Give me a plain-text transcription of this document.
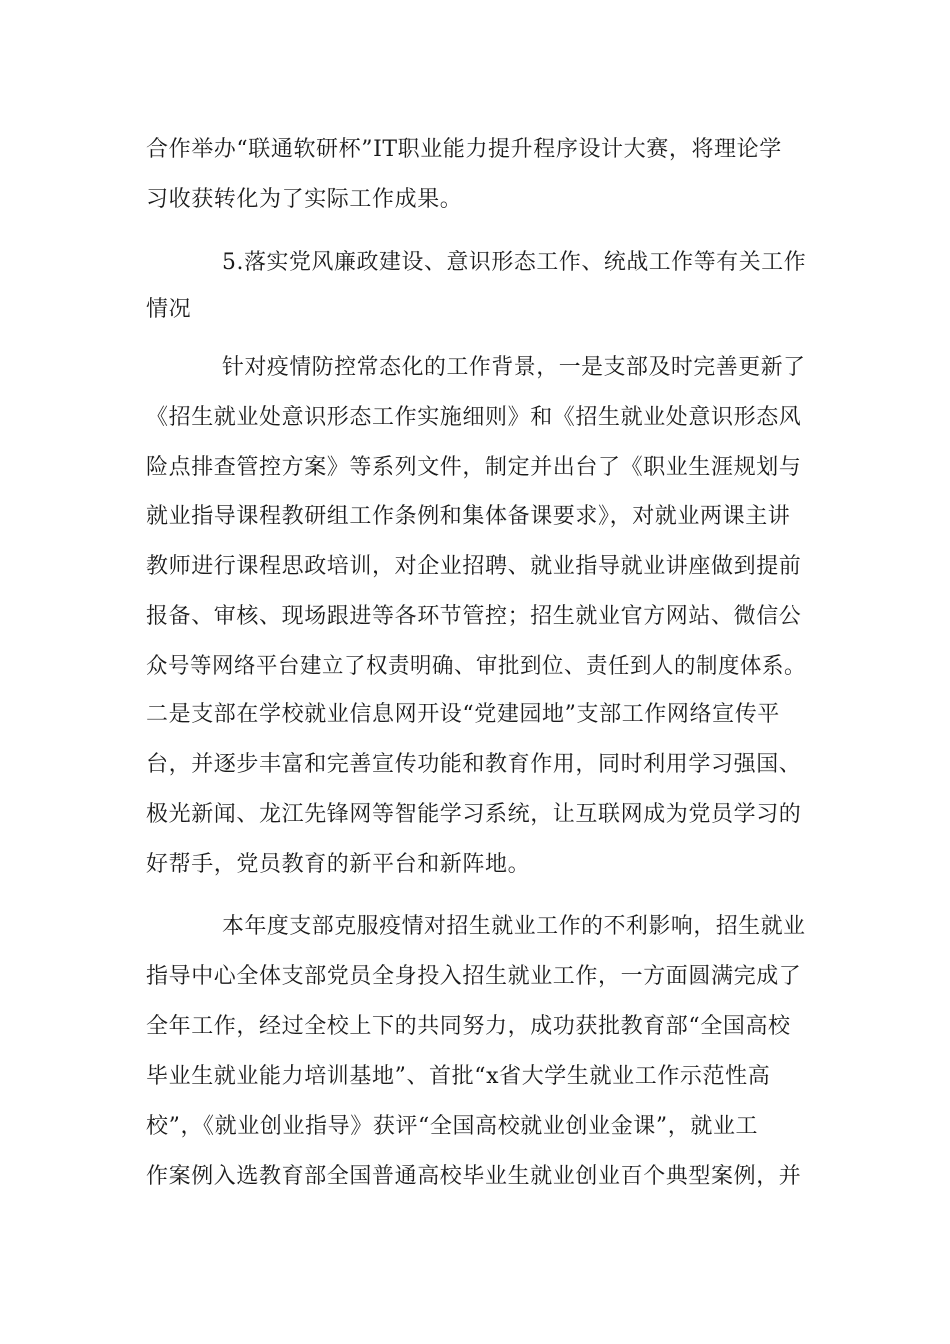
合作举办“联通软研杯”IT职业能力提升程序设计大赛，将理论学
习收获转化为了实际工作成果。
5.落实党风廉政建设、意识形态工作、统战工作等有关工作
情况
针对疫情防控常态化的工作背景，一是支部及时完善更新了
《招生就业处意识形态工作实施细则》和《招生就业处意识形态风
险点排查管控方案》等系列文件，制定并出台了《职业生涯规划与
就业指导课程教研组工作条例和集体备课要求》，对就业两课主讲
教师进行课程思政培训，对企业招聘、就业指导就业讲座做到提前
报备、审核、现场跟进等各环节管控；招生就业官方网站、微信公
众号等网络平台建立了权责明确、审批到位、责任到人的制度体系。
二是支部在学校就业信息网开设“党建园地”支部工作网络宣传平
台，并逐步丰富和完善宣传功能和教育作用，同时利用学习强国、
极光新闻、龙江先锋网等智能学习系统，让互联网成为党员学习的
好帮手，党员教育的新平台和新阵地。
本年度支部克服疫情对招生就业工作的不利影响，招生就业
指导中心全体支部党员全身投入招生就业工作，一方面圆满完成了
全年工作，经过全校上下的共同努力，成功获批教育部“全国高校
毕业生就业能力培训基地”、首批“x省大学生就业工作示范性高
校”，《就业创业指导》获评“全国高校就业创业金课”，就业工
作案例入选教育部全国普通高校毕业生就业创业百个典型案例，并
